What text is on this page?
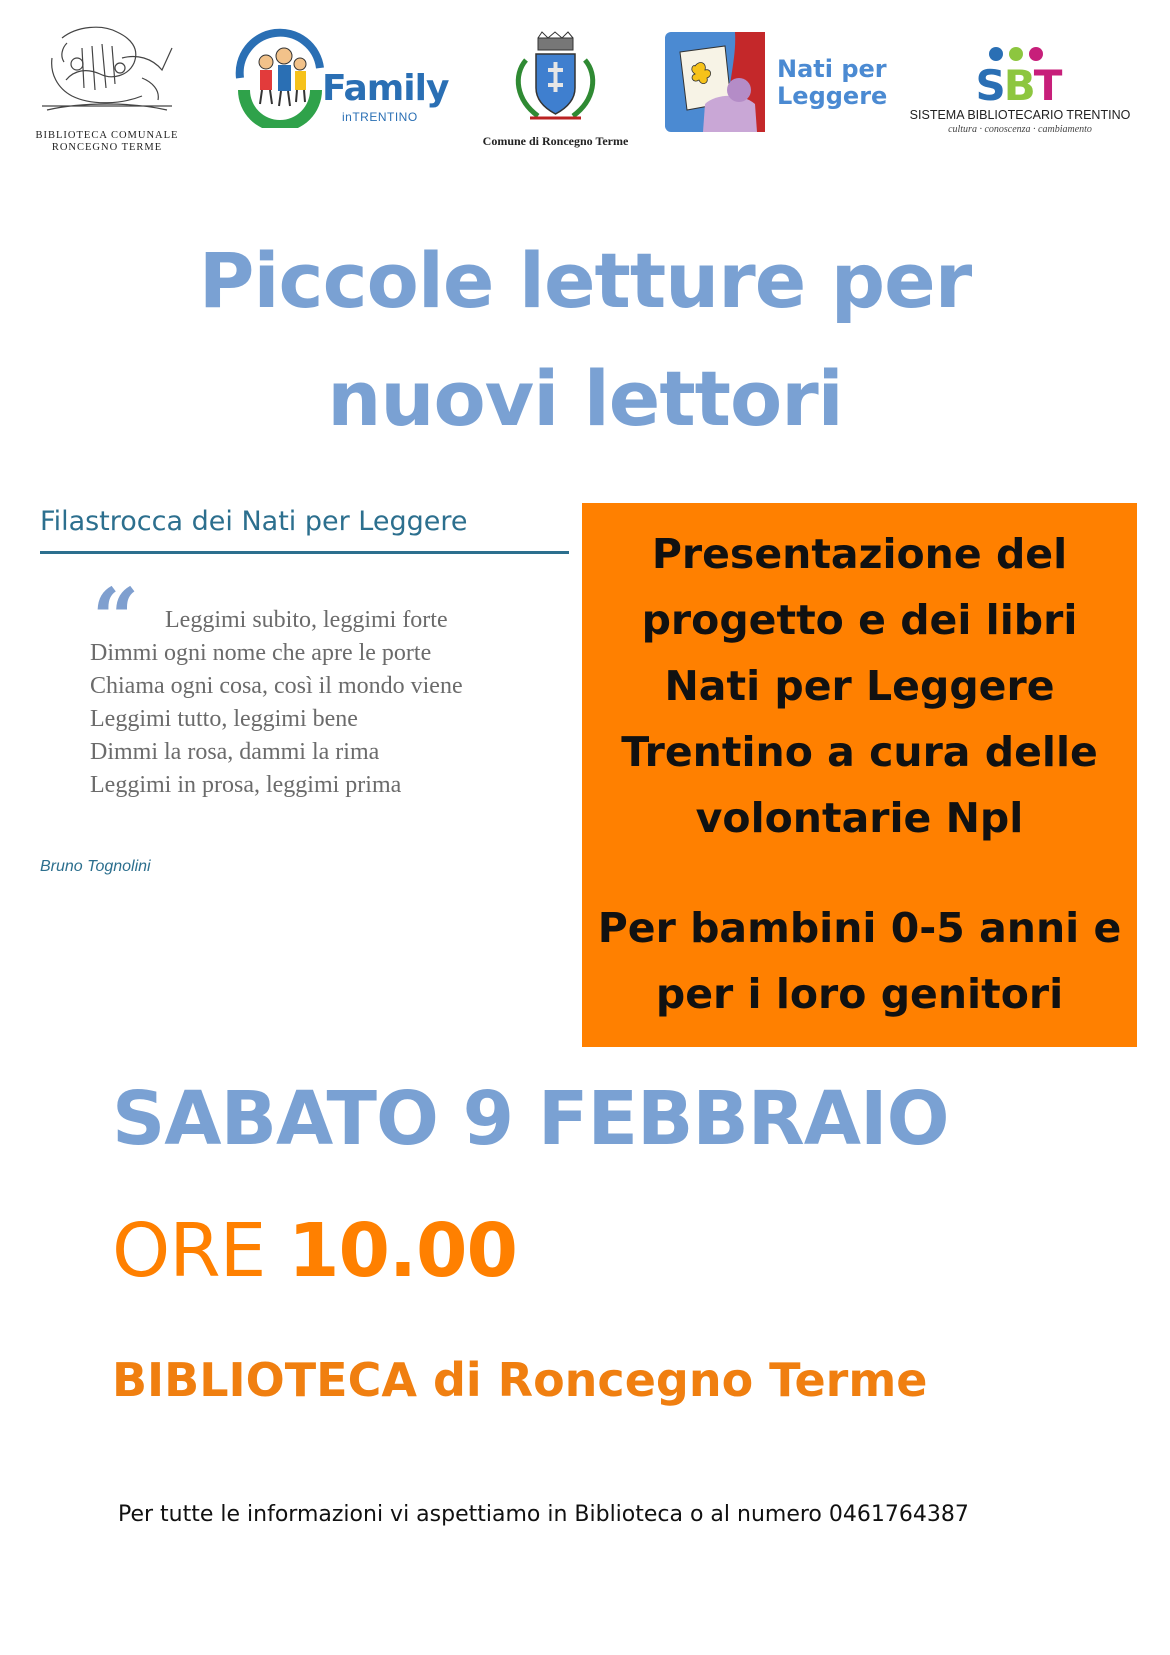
BIBLIOTECA COMUNALE
RONCEGNO TERME
Family
inTRENTINO
Comune di Roncegno Terme
Nati per
Leggere SBT
SISTEMA BIBLIOTECARIO TRENTINO
cultura · conoscenza · cambiamento
Piccole letture per
nuovi lettori
Filastrocca dei Nati per Leggere
“	Leggimi subito, leggimi forte
Dimmi ogni nome che apre le porte
Chiama ogni cosa, così il mondo viene
Leggimi tutto, leggimi bene
Dimmi la rosa, dammi la rima
Leggimi in prosa, leggimi prima
Bruno Tognolini
Presentazione del progetto e dei libri Nati per Leggere Trentino a cura delle volontarie Npl
Per bambini 0-5 anni e per i loro genitori
SABATO 9 FEBBRAIO
ORE 10.00
BIBLIOTECA di Roncegno Terme
Per tutte le informazioni vi aspettiamo in Biblioteca o al numero 0461764387
